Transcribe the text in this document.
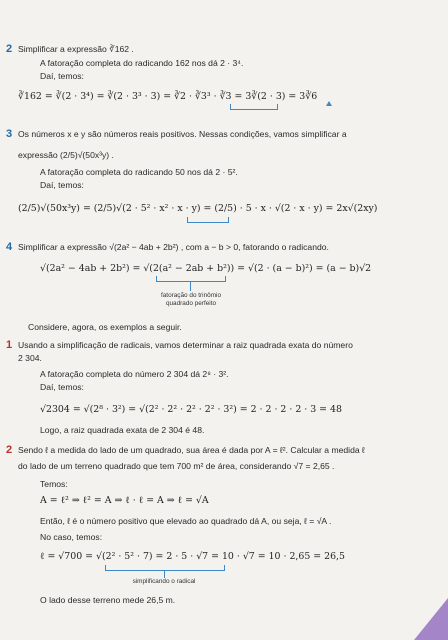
2 Simplificar a expressão ∛162 .
A fatoração completa do radicando 162 nos dá 2 · 3⁴.
Daí, temos:
∛162 = ∛(2 · 3⁴) = ∛(2 · 3³ · 3) = ∛2 · ∛3³ · ∛3 = 3∛(2 · 3) = 3∛6
3 Os números x e y são números reais positivos. Nessas condições, vamos simplificar a
expressão (2/5)√(50x³y) .
A fatoração completa do radicando 50 nos dá 2 · 5².
Daí, temos:
(2/5)√(50x³y) = (2/5)√(2 · 5² · x² · x · y) = (2/5) · 5 · x · √(2 · x · y) = 2x√(2xy)
4 Simplificar a expressão √(2a² − 4ab + 2b²) , com a − b > 0, fatorando o radicando.
√(2a² − 4ab + 2b²) = √(2(a² − 2ab + b²)) = √(2 · (a − b)²) = (a − b)√2
fatoração do trinômio
quadrado perfeito
Considere, agora, os exemplos a seguir.
1 Usando a simplificação de radicais, vamos determinar a raiz quadrada exata do número
2 304.
A fatoração completa do número 2 304 dá 2⁸ · 3².
Daí, temos:
√2304 = √(2⁸ · 3²) = √(2² · 2² · 2² · 2² · 3²) = 2 · 2 · 2 · 2 · 3 = 48
Logo, a raiz quadrada exata de 2 304 é 48.
2 Sendo ℓ a medida do lado de um quadrado, sua área é dada por A = ℓ². Calcular a medida ℓ
do lado de um terreno quadrado que tem 700 m² de área, considerando √7 = 2,65 .
Temos:
A = ℓ² ⇒ ℓ² = A ⇒ ℓ · ℓ = A ⇒ ℓ = √A
Então, ℓ é o número positivo que elevado ao quadrado dá A, ou seja, ℓ = √A .
No caso, temos:
ℓ = √700 = √(2² · 5² · 7) = 2 · 5 · √7 = 10 · √7 = 10 · 2,65 = 26,5
simplificando o radical
O lado desse terreno mede 26,5 m.
